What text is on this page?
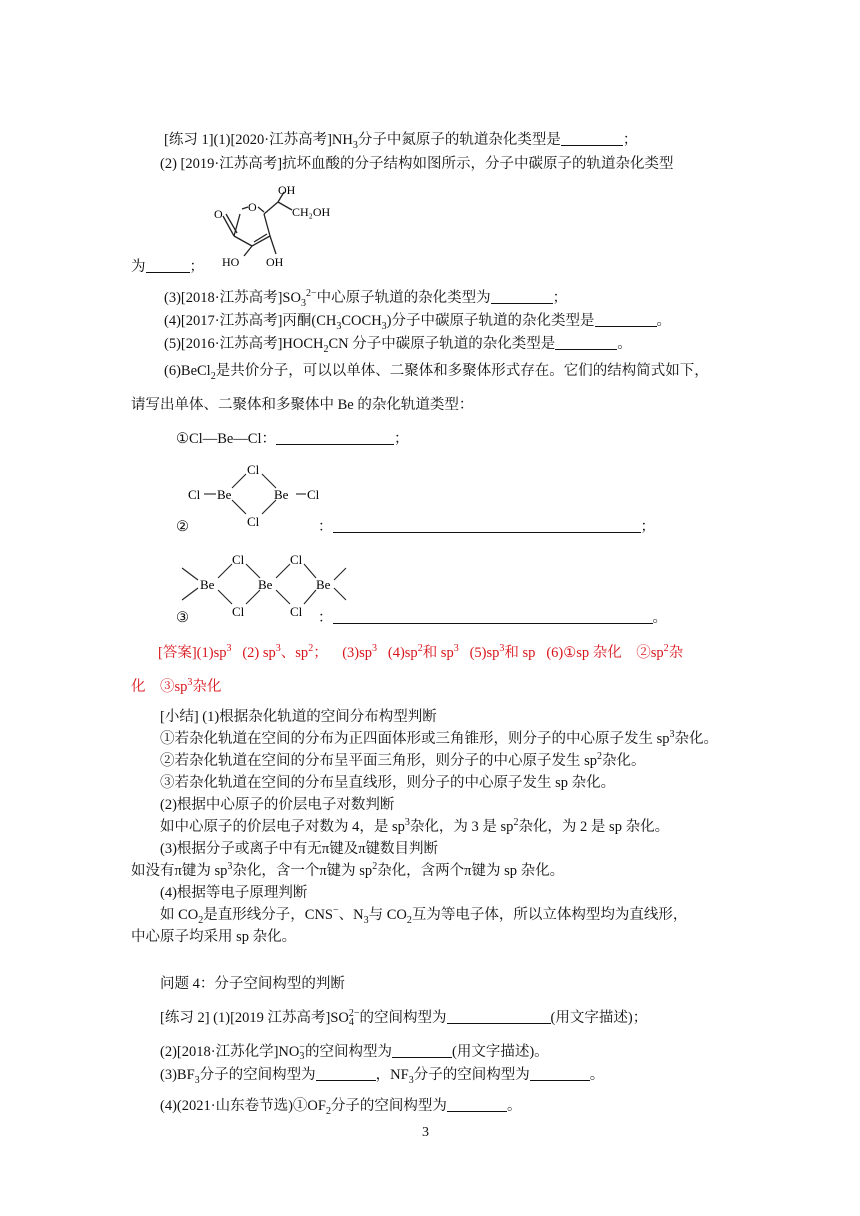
[练习 1](1)[2020·江苏高考]$NH_3$分子中氮原子的轨道杂化类型是	；
(2) [2019·江苏高考]抗坏血酸的分子结构如图所示，分子中碳原子的轨道杂化类型
O
O
OH
CH₂OH
HO OH
为	；
(3)[2018·江苏高考]$SO_3^{2-}$中心原子轨道的杂化类型为	；
(4)[2017·江苏高考]丙酮$(CH_3COCH_3)$分子中碳原子轨道的杂化类型是	。
(5)[2016·江苏高考]$HOCH_2CN$ 分子中碳原子轨道的杂化类型是	。
(6)BeCl$_2$是共价分子，可以以单体、二聚体和多聚体形式存在。它们的结构简式如下，
请写出单体、二聚体和多聚体中 Be 的杂化轨道类型：
①Cl—Be—Cl：	；
Cl
Cl Be	Be Cl
Cl
②	：	；
Cl	Cl
Be	Be	Be
Cl	Cl
③	：	。
[答案]$(1)sp^3$ (2) $sp^3$、$sp^2$； $(3)sp^3$ $(4)sp^2$和 $sp^3$ $(5)sp^3$和 sp (6)①sp 杂化 $②sp^2$杂
化 $③sp^3$杂化
[小结] (1)根据杂化轨道的空间分布构型判断
①若杂化轨道在空间的分布为正四面体形或三角锥形，则分子的中心原子发生 $sp^3$杂化。
②若杂化轨道在空间的分布呈平面三角形，则分子的中心原子发生 $sp^2$杂化。
③若杂化轨道在空间的分布呈直线形，则分子的中心原子发生 sp 杂化。
(2)根据中心原子的价层电子对数判断
如中心原子的价层电子对数为 4，是 $sp^3$杂化，为 3 是 $sp^2$杂化，为 2 是 sp 杂化。
(3)根据分子或离子中有无π键及π键数目判断
如没有π键为 $sp^3$杂化，含一个π键为 $sp^2$杂化，含两个π键为 sp 杂化。
(4)根据等电子原理判断
如 $CO_2$是直形线分子，CNS−、$N_3$与 $CO_2$互为等电子体，所以立体构型均为直线形，
中心原子均采用 sp 杂化。
问题 4：分子空间构型的判断
[练习 2] (1)[2019 江苏高考]SO 2−
4 的空间构型为	(用文字描述)；
(2)[2018·江苏化学]NO −
3 的空间构型为	(用文字描述)。
$(3)BF_3$分子的空间构型为	，$NF_3$分子的空间构型为	。
(4)(2021·山东卷节选)$①OF_2$分子的空间构型为	。
3
